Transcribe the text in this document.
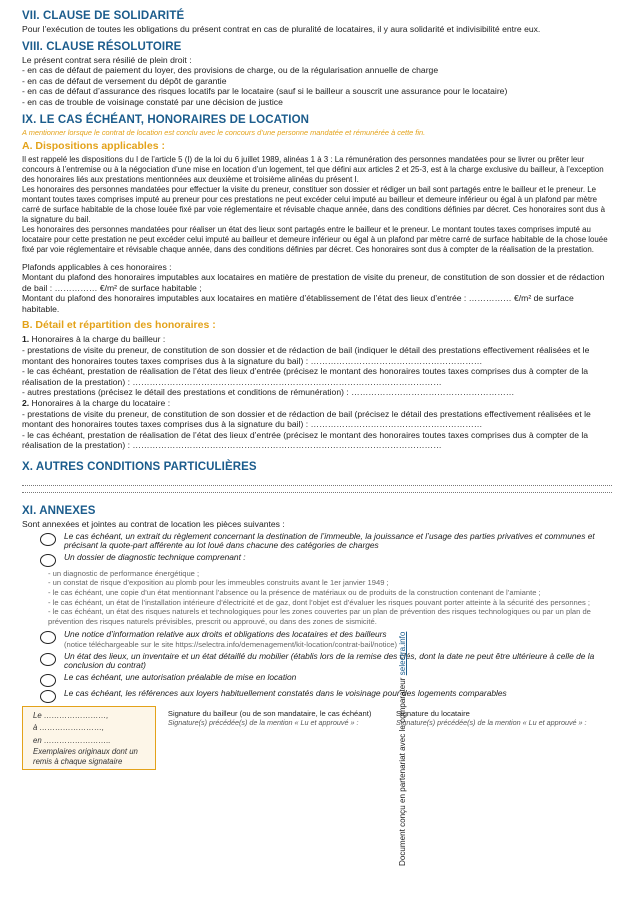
VII. CLAUSE DE SOLIDARITÉ

Pour l’exécution de toutes les obligations du présent contrat en cas de pluralité de locataires, il y aura solidarité et indivisibilité entre eux.

VIII. CLAUSE RÉSOLUTOIRE

Le présent contrat sera résilié de plein droit :

- en cas de défaut de paiement du loyer, des provisions de charge, ou de la régularisation annuelle de charge

- en cas de défaut de versement du dépôt de garantie

- en cas de défaut d’assurance des risques locatifs par le locataire (sauf si le bailleur a souscrit une assurance pour le locataire)

- en cas de trouble de voisinage constaté par une décision de justice

IX. LE CAS ÉCHÉANT, HONORAIRES DE LOCATION

A mentionner lorsque le contrat de location est conclu avec le concours d’une personne mandatée et rémunérée à cette fin.

A. Dispositions applicables :

Il est rappelé les dispositions du I de l’article 5 (I) de la loi du 6 juillet 1989, alinéas 1 à 3 : La rémunération des personnes mandatées pour se livrer ou prêter leur concours à l’entremise ou à la négociation d’une mise en location d’un logement, tel que défini aux articles 2 et 25-3, est à la charge exclusive du bailleur, à l’exception des honoraires liés aux prestations mentionnées aux deuxième et troisième alinéas du présent I.
Les honoraires des personnes mandatées pour effectuer la visite du preneur, constituer son dossier et rédiger un bail sont partagés entre le bailleur et le preneur. Le montant toutes taxes comprises imputé au preneur pour ces prestations ne peut excéder celui imputé au bailleur et demeure inférieur ou égal à un plafond par mètre carré de surface habitable de la chose louée fixé par voie réglementaire et révisable chaque année, dans des conditions définies par décret. Ces honoraires sont dus à la signature du bail.
Les honoraires des personnes mandatées pour réaliser un état des lieux sont partagés entre le bailleur et le preneur. Le montant toutes taxes comprises imputé au locataire pour cette prestation ne peut excéder celui imputé au bailleur et demeure inférieur ou égal à un plafond par mètre carré de surface habitable de la chose louée fixé par voie réglementaire et révisable chaque année, dans des conditions définies par décret. Ces honoraires sont dus à compter de la réalisation de la prestation.

Plafonds applicables à ces honoraires :
Montant du plafond des honoraires imputables aux locataires en matière de prestation de visite du preneur, de constitution de son dossier et de rédaction de bail : …………… €/m² de surface habitable ;
Montant du plafond des honoraires imputables aux locataires en matière d’établissement de l’état des lieux d’entrée : …………… €/m² de surface habitable.

B. Détail et répartition des honoraires :

1. Honoraires à la charge du bailleur :

- prestations de visite du preneur, de constitution de son dossier et de rédaction de bail (indiquer le détail des prestations effectivement réalisées et le montant des honoraires toutes taxes comprises dus à la signature du bail) : ……………………………………………………

- le cas échéant, prestation de réalisation de l’état des lieux d’entrée (précisez le montant des honoraires toutes taxes comprises dus à compter de la réalisation de la prestation) : ………………………………………………………………………………………………

- autres prestations (précisez le détail des prestations et conditions de rémunération) : …………………………………………………

2. Honoraires à la charge du locataire :

- prestations de visite du preneur, de constitution de son dossier et de rédaction de bail (précisez le détail des prestations effectivement réalisées et le montant des honoraires toutes taxes comprises dus à la signature du bail) : ……………………………………………………

- le cas échéant, prestation de réalisation de l’état des lieux d’entrée (précisez le montant des honoraires toutes taxes comprises dus à compter de la réalisation de la prestation) : ………………………………………………………………………………………………

X. AUTRES CONDITIONS PARTICULIÈRES
XI. ANNEXES

Sont annexées et jointes au contrat de location les pièces suivantes :

Le cas échéant, un extrait du règlement concernant la destination de l’immeuble, la jouissance et l’usage des parties privatives et communes et précisant la quote-part afférente au lot loué dans chacune des catégories de charges
Un dossier de diagnostic technique comprenant :

- un diagnostic de performance énergétique ;

- un constat de risque d’exposition au plomb pour les immeubles construits avant le 1er janvier 1949 ;

- le cas échéant, une copie d’un état mentionnant l’absence ou la présence de matériaux ou de produits de la construction contenant de l’amiante ;

- le cas échéant, un état de l’installation intérieure d’électricité et de gaz, dont l’objet est d’évaluer les risques pouvant porter atteinte à la sécurité des personnes ;

- le cas échéant, un état des risques naturels et technologiques pour les zones couvertes par un plan de prévention des risques technologiques ou par un plan de prévention des risques naturels prévisibles, prescrit ou approuvé, ou dans des zones de sismicité.

Une notice d’information relative aux droits et obligations des locataires et des bailleurs
(notice téléchargeable sur le site https://selectra.info/demenagement/kit-location/contrat-bail/notice)
Un état des lieux, un inventaire et un état détaillé du mobilier (établis lors de la remise des clés, dont la date ne peut être ultérieure à celle de la conclusion du contrat)
Le cas échéant, une autorisation préalable de mise en location
Le cas échéant, les références aux loyers habituellement constatés dans le voisinage pour des logements comparables
Le ……………………,
à ……………………,
en ……………………..
Exemplaires originaux dont un remis à chaque signataire
Signature du bailleur (ou de son mandataire, le cas échéant)
Signature(s) précédée(s) de la mention « Lu et approuvé » :
Signature du locataire
Signature(s) précédée(s) de la mention « Lu et approuvé » :
Document conçu en partenariat avec le comparateur selectra.info
